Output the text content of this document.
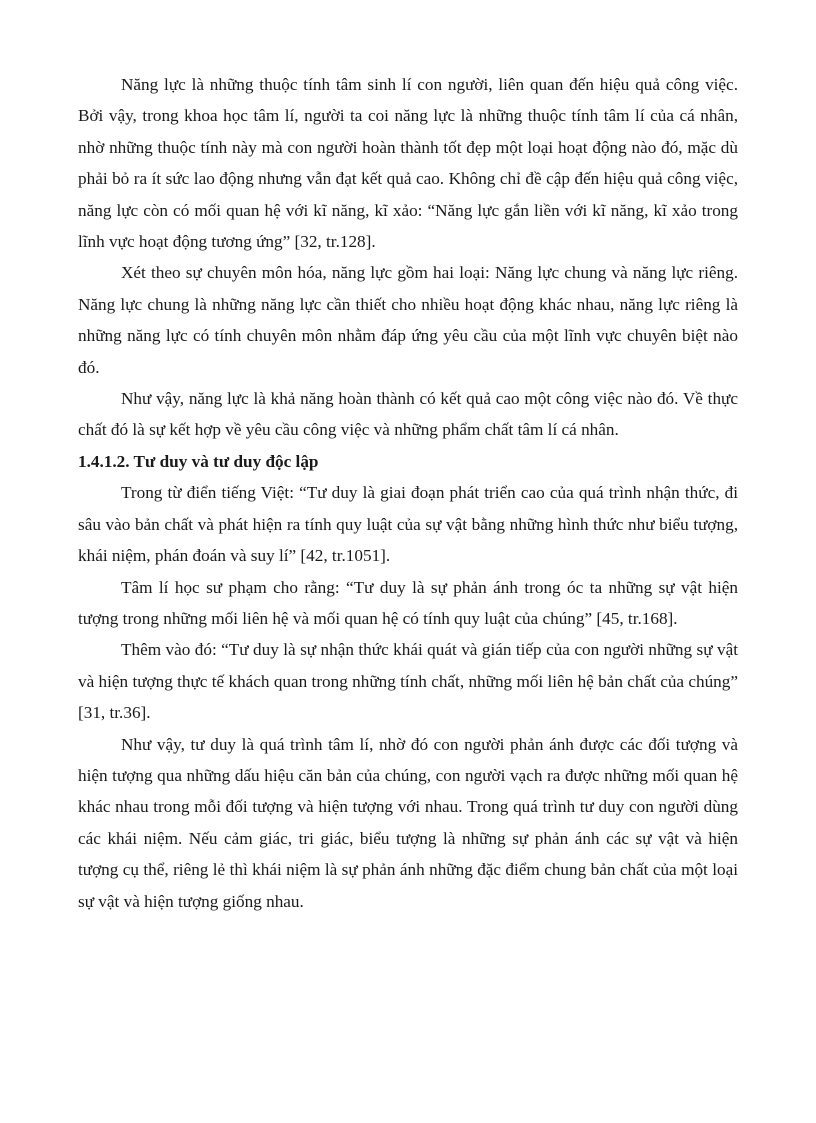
Năng lực là những thuộc tính tâm sinh lí con người, liên quan đến hiệu quả công việc. Bởi vậy, trong khoa học tâm lí, người ta coi năng lực là những thuộc tính tâm lí của cá nhân, nhờ những thuộc tính này mà con người hoàn thành tốt đẹp một loại hoạt động nào đó, mặc dù phải bỏ ra ít sức lao động nhưng vẫn đạt kết quả cao. Không chỉ đề cập đến hiệu quả công việc, năng lực còn có mối quan hệ với kĩ năng, kĩ xảo: “Năng lực gắn liền với kĩ năng, kĩ xảo trong lĩnh vực hoạt động tương ứng” [32, tr.128].

Xét theo sự chuyên môn hóa, năng lực gồm hai loại: Năng lực chung và năng lực riêng. Năng lực chung là những năng lực cần thiết cho nhiều hoạt động khác nhau, năng lực riêng là những năng lực có tính chuyên môn nhằm đáp ứng yêu cầu của một lĩnh vực chuyên biệt nào đó.

Như vậy, năng lực là khả năng hoàn thành có kết quả cao một công việc nào đó. Về thực chất đó là sự kết hợp về yêu cầu công việc và những phẩm chất tâm lí cá nhân.

1.4.1.2. Tư duy và tư duy độc lập

Trong từ điển tiếng Việt: “Tư duy là giai đoạn phát triển cao của quá trình nhận thức, đi sâu vào bản chất và phát hiện ra tính quy luật của sự vật bằng những hình thức như biểu tượng, khái niệm, phán đoán và suy lí” [42, tr.1051].

Tâm lí học sư phạm cho rằng: “Tư duy là sự phản ánh trong óc ta những sự vật hiện tượng trong những mối liên hệ và mối quan hệ có tính quy luật của chúng” [45, tr.168].

Thêm vào đó: “Tư duy là sự nhận thức khái quát và gián tiếp của con người những sự vật và hiện tượng thực tế khách quan trong những tính chất, những mối liên hệ bản chất của chúng” [31, tr.36].

Như vậy, tư duy là quá trình tâm lí, nhờ đó con người phản ánh được các đối tượng và hiện tượng qua những dấu hiệu căn bản của chúng, con người vạch ra được những mối quan hệ khác nhau trong mỗi đối tượng và hiện tượng với nhau. Trong quá trình tư duy con người dùng các khái niệm. Nếu cảm giác, tri giác, biểu tượng là những sự phản ánh các sự vật và hiện tượng cụ thể, riêng lẻ thì khái niệm là sự phản ánh những đặc điểm chung bản chất của một loại sự vật và hiện tượng giống nhau.
